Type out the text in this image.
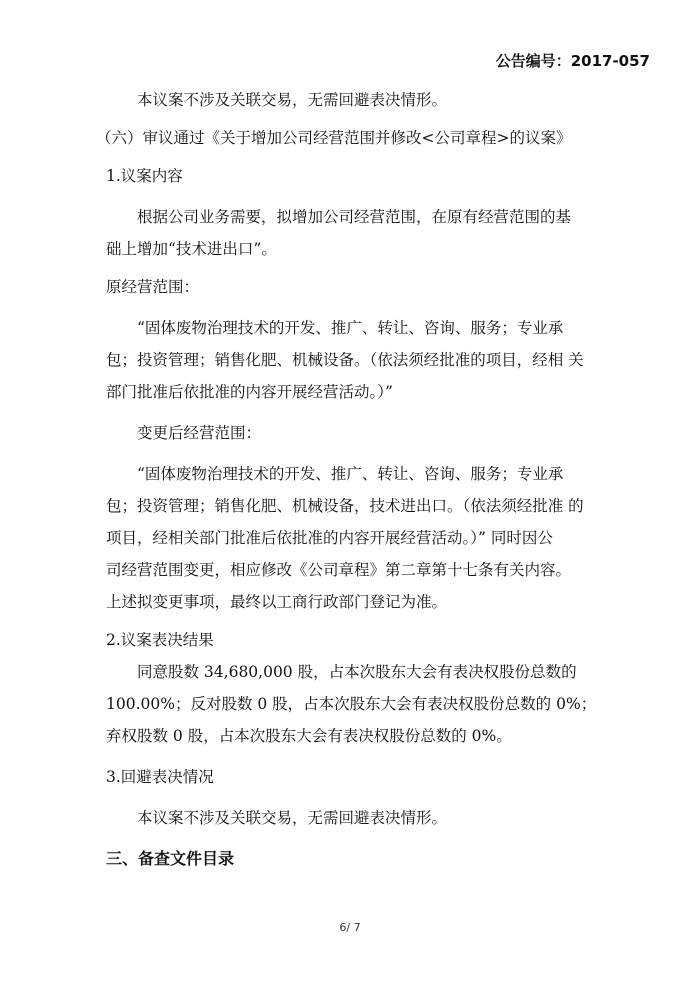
公告编号：2017-057
本议案不涉及关联交易，无需回避表决情形。
（六）审议通过《关于增加公司经营范围并修改<公司章程>的议案》
1.议案内容
根据公司业务需要，拟增加公司经营范围，在原有经营范围的基
础上增加“技术进出口”。
原经营范围：
“固体废物治理技术的开发、推广、转让、咨询、服务；专业承
包；投资管理；销售化肥、机械设备。（依法须经批准的项目，经相 关
部门批准后依批准的内容开展经营活动。）”
变更后经营范围：
“固体废物治理技术的开发、推广、转让、咨询、服务；专业承
包；投资管理；销售化肥、机械设备，技术进出口。（依法须经批准 的
项目，经相关部门批准后依批准的内容开展经营活动。）” 同时因公
司经营范围变更，相应修改《公司章程》第二章第十七条有关内容。
上述拟变更事项，最终以工商行政部门登记为准。
2.议案表决结果
同意股数 34,680,000 股，占本次股东大会有表决权股份总数的
100.00%；反对股数 0 股，占本次股东大会有表决权股份总数的 0%；
弃权股数 0 股，占本次股东大会有表决权股份总数的 0%。
3.回避表决情况
本议案不涉及关联交易，无需回避表决情形。
三、备查文件目录
6/ 7
